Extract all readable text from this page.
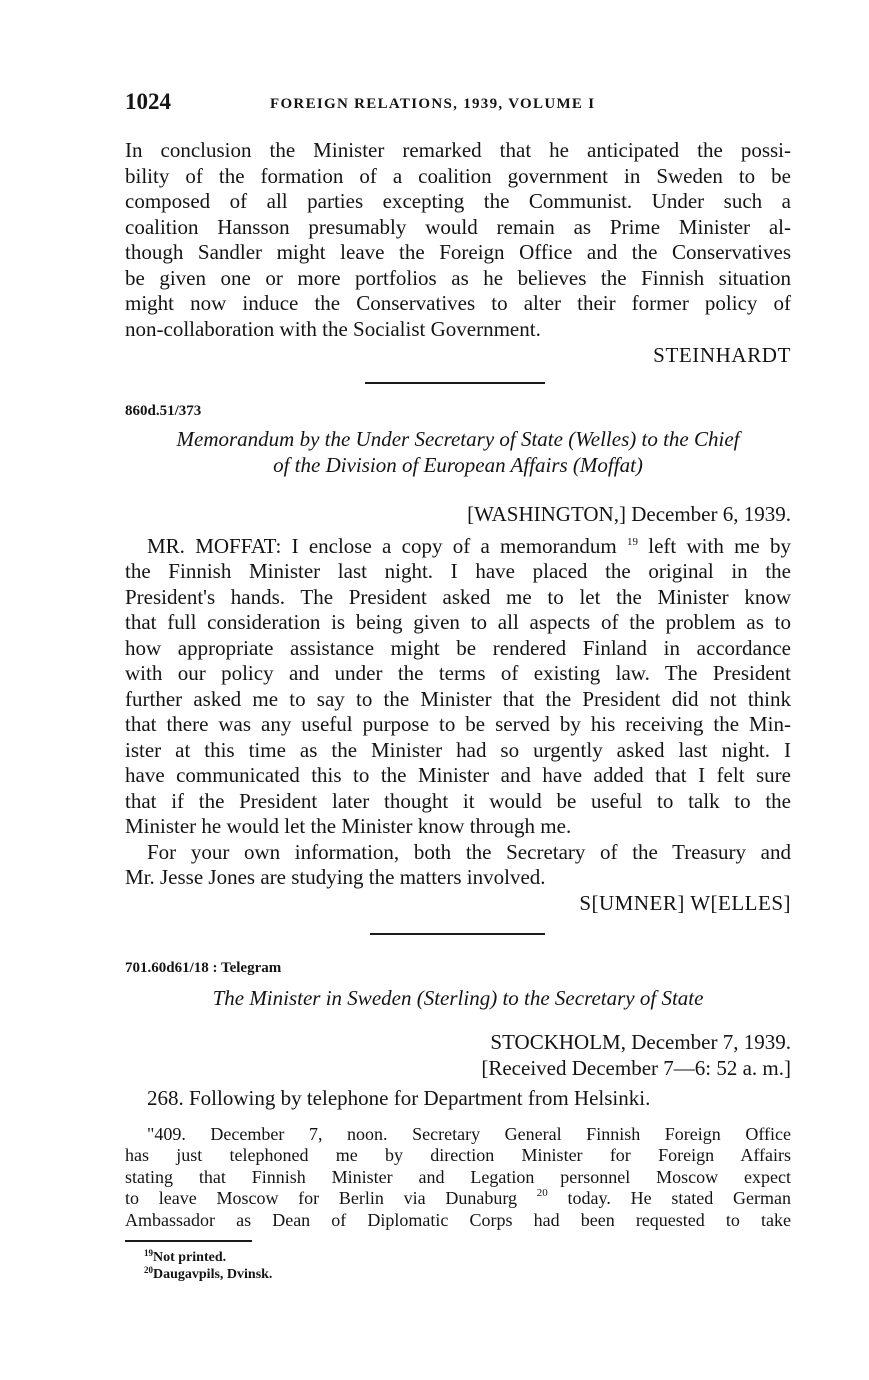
1024	FOREIGN RELATIONS, 1939, VOLUME I
In conclusion the Minister remarked that he anticipated the possi-
bility of the formation of a coalition government in Sweden to be
composed of all parties excepting the Communist. Under such a
coalition Hansson presumably would remain as Prime Minister al-
though Sandler might leave the Foreign Office and the Conservatives
be given one or more portfolios as he believes the Finnish situation
might now induce the Conservatives to alter their former policy of
non-collaboration with the Socialist Government.
STEINHARDT
860d.51/373
Memorandum by the Under Secretary of State (Welles) to the Chief
of the Division of European Affairs (Moffat)
[WASHINGTON,] December 6, 1939.
MR. MOFFAT: I enclose a copy of a memorandum $^{19}$ left with me by
the Finnish Minister last night. I have placed the original in the
President's hands. The President asked me to let the Minister know
that full consideration is being given to all aspects of the problem as to
how appropriate assistance might be rendered Finland in accordance
with our policy and under the terms of existing law. The President
further asked me to say to the Minister that the President did not think
that there was any useful purpose to be served by his receiving the Min-
ister at this time as the Minister had so urgently asked last night. I
have communicated this to the Minister and have added that I felt sure
that if the President later thought it would be useful to talk to the
Minister he would let the Minister know through me.
For your own information, both the Secretary of the Treasury and
Mr. Jesse Jones are studying the matters involved.
S[UMNER] W[ELLES]
701.60d61/18 : Telegram
The Minister in Sweden (Sterling) to the Secretary of State
STOCKHOLM, December 7, 1939.
[Received December 7—6: 52 a. m.]
268. Following by telephone for Department from Helsinki.
"409. December 7, noon. Secretary General Finnish Foreign Office
has just telephoned me by direction Minister for Foreign Affairs
stating that Finnish Minister and Legation personnel Moscow expect
to leave Moscow for Berlin via Dunaburg $^{20}$ today. He stated German
Ambassador as Dean of Diplomatic Corps had been requested to take
$^{19}$Not printed.
$^{20}$Daugavpils, Dvinsk.
